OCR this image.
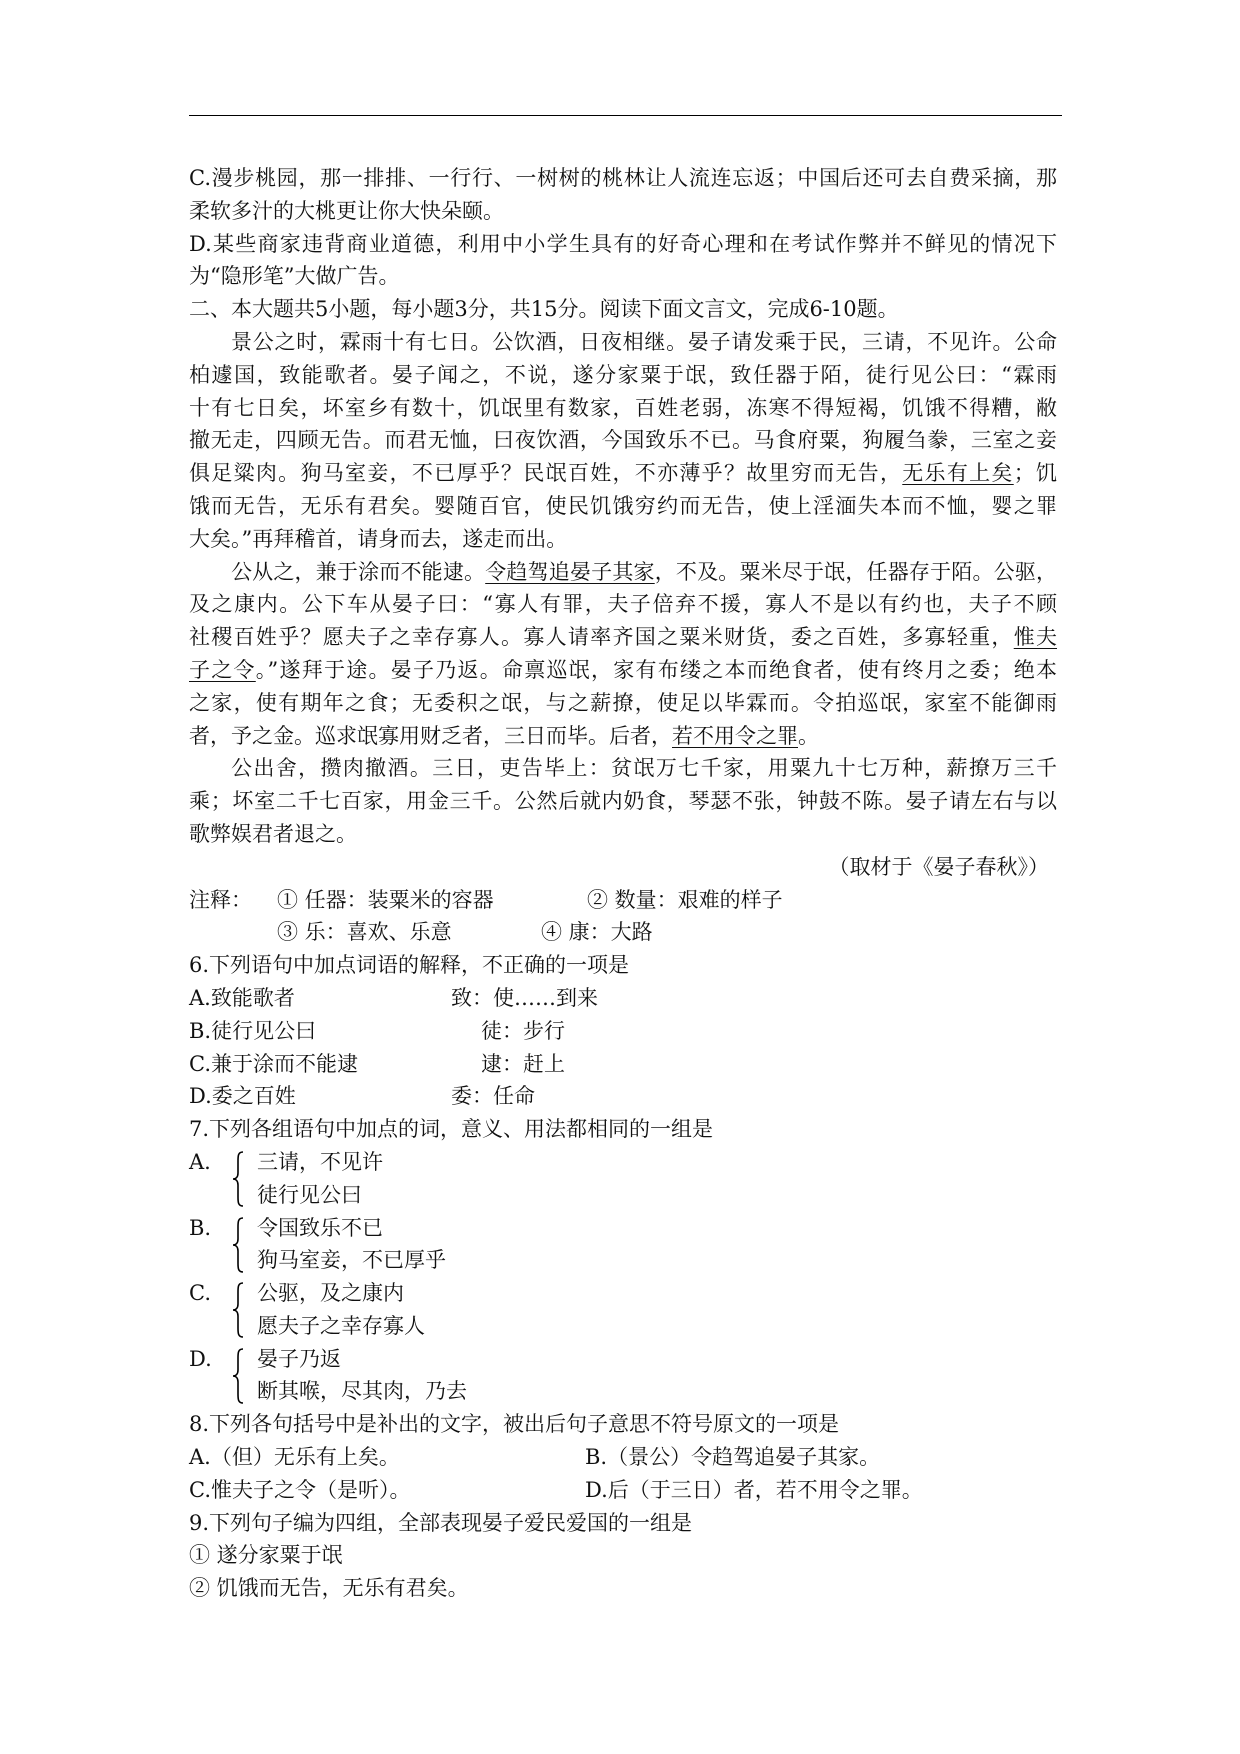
C.漫步桃园，那一排排、一行行、一树树的桃林让人流连忘返；中国后还可去自费采摘，那
柔软多汁的大桃更让你大快朵颐。
D.某些商家违背商业道德，利用中小学生具有的好奇心理和在考试作弊并不鲜见的情况下
为“隐形笔”大做广告。
二、本大题共5小题，每小题3分，共15分。阅读下面文言文，完成6-10题。
景公之时，霖雨十有七日。公饮酒，日夜相继。晏子请发乘于民，三请，不见许。公命
柏遽国，致能歌者。晏子闻之，不说，遂分家粟于氓，致任器于陌，徒行见公曰：“霖雨
十有七日矣，坏室乡有数十，饥氓里有数家，百姓老弱，冻寒不得短褐，饥饿不得糟，敝
撤无走，四顾无告。而君无恤，曰夜饮酒，今国致乐不已。马食府粟，狗履刍豢，三室之妾
俱足粱肉。狗马室妾，不已厚乎？民氓百姓，不亦薄乎？故里穷而无告，无乐有上矣；饥
饿而无告，无乐有君矣。婴随百官，使民饥饿穷约而无告，使上淫湎失本而不恤，婴之罪
大矣。”再拜稽首，请身而去，遂走而出。
公从之，兼于涂而不能逮。令趋驾追晏子其家，不及。粟米尽于氓，任器存于陌。公驱，
及之康内。公下车从晏子曰：“寡人有罪，夫子倍弃不援，寡人不是以有约也，夫子不顾
社稷百姓乎？愿夫子之幸存寡人。寡人请率齐国之粟米财货，委之百姓，多寡轻重，惟夫
子之令。”遂拜于途。晏子乃返。命禀巡氓，家有布缕之本而绝食者，使有终月之委；绝本
之家，使有期年之食；无委积之氓，与之薪撩，使足以毕霖而。令拍巡氓，家室不能御雨
者，予之金。巡求氓寡用财乏者，三日而毕。后者，若不用令之罪。
公出舍，攒肉撤酒。三日，吏告毕上：贫氓万七千家，用粟九十七万种，薪撩万三千
乘；坏室二千七百家，用金三千。公然后就内奶食，琴瑟不张，钟鼓不陈。晏子请左右与以
歌弊娱君者退之。
（取材于《晏子春秋》）
注释： ① 任器：装粟米的容器	② 数量：艰难的样子
③ 乐：喜欢、乐意	④ 康：大路
6.下列语句中加点词语的解释，不正确的一项是
A.致能歌者	致：使……到来
B.徒行见公曰	徒：步行
C.兼于涂而不能逮	逮：赶上
D.委之百姓	委：任命
7.下列各组语句中加点的词，意义、用法都相同的一组是
A. 三请，不见许
徒行见公曰
B. 令国致乐不已
狗马室妾，不已厚乎
C. 公驱，及之康内
愿夫子之幸存寡人
D. 晏子乃返
断其喉，尽其肉，乃去
8.下列各句括号中是补出的文字，被出后句子意思不符号原文的一项是
A.（但）无乐有上矣。	B.（景公）令趋驾追晏子其家。
C.惟夫子之令（是听）。	D.后（于三日）者，若不用令之罪。
9.下列句子编为四组，全部表现晏子爱民爱国的一组是
① 遂分家粟于氓
② 饥饿而无告，无乐有君矣。
